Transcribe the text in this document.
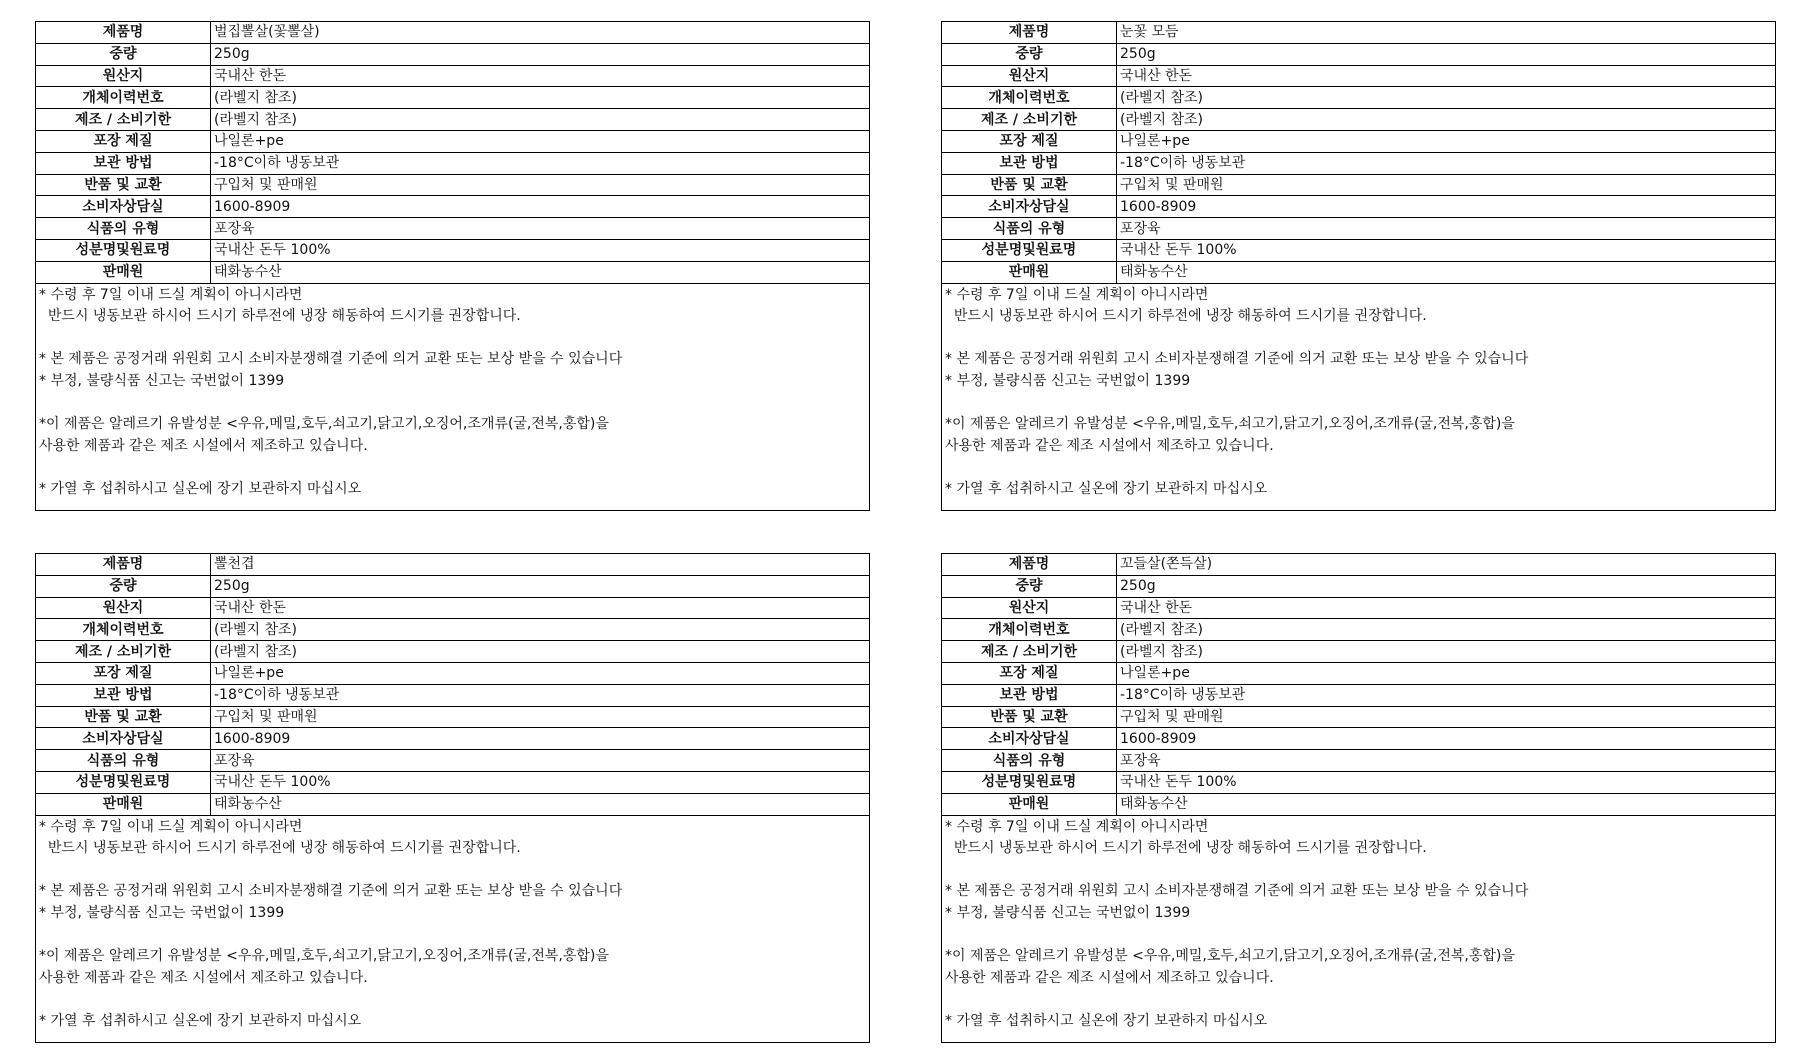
제품명	벌집뽈살(꽃뽈살)
중량	250g
원산지	국내산 한돈
개체이력번호	(라벨지 참조)
제조 / 소비기한	(라벨지 참조)
포장 제질	나일론+pe
보관 방법	-18°C이하 냉동보관
반품 및 교환	구입처 및 판매원
소비자상담실	1600-8909
식품의 유형	포장육
성분명및원료명	국내산 돈두 100%
판매원	태화농수산
* 수령 후 7일 이내 드실 계획이 아니시라면
반드시 냉동보관 하시어 드시기 하루전에 냉장 해동하여 드시기를 권장합니다.
* 본 제품은 공정거래 위원회 고시 소비자분쟁해결 기준에 의거 교환 또는 보상 받을 수 있습니다
* 부정, 불량식품 신고는 국번없이 1399
*이 제품은 알레르기 유발성분 <우유,메밀,호두,쇠고기,닭고기,오징어,조개류(굴,전복,홍합)을
사용한 제품과 같은 제조 시설에서 제조하고 있습니다.
* 가열 후 섭취하시고 실온에 장기 보관하지 마십시오
제품명	눈꽃 모듬
중량	250g
원산지	국내산 한돈
개체이력번호	(라벨지 참조)
제조 / 소비기한	(라벨지 참조)
포장 제질	나일론+pe
보관 방법	-18°C이하 냉동보관
반품 및 교환	구입처 및 판매원
소비자상담실	1600-8909
식품의 유형	포장육
성분명및원료명	국내산 돈두 100%
판매원	태화농수산
* 수령 후 7일 이내 드실 계획이 아니시라면
반드시 냉동보관 하시어 드시기 하루전에 냉장 해동하여 드시기를 권장합니다.
* 본 제품은 공정거래 위원회 고시 소비자분쟁해결 기준에 의거 교환 또는 보상 받을 수 있습니다
* 부정, 불량식품 신고는 국번없이 1399
*이 제품은 알레르기 유발성분 <우유,메밀,호두,쇠고기,닭고기,오징어,조개류(굴,전복,홍합)을
사용한 제품과 같은 제조 시설에서 제조하고 있습니다.
* 가열 후 섭취하시고 실온에 장기 보관하지 마십시오
제품명	뽈천겹
중량	250g
원산지	국내산 한돈
개체이력번호	(라벨지 참조)
제조 / 소비기한	(라벨지 참조)
포장 제질	나일론+pe
보관 방법	-18°C이하 냉동보관
반품 및 교환	구입처 및 판매원
소비자상담실	1600-8909
식품의 유형	포장육
성분명및원료명	국내산 돈두 100%
판매원	태화농수산
* 수령 후 7일 이내 드실 계획이 아니시라면
반드시 냉동보관 하시어 드시기 하루전에 냉장 해동하여 드시기를 권장합니다.
* 본 제품은 공정거래 위원회 고시 소비자분쟁해결 기준에 의거 교환 또는 보상 받을 수 있습니다
* 부정, 불량식품 신고는 국번없이 1399
*이 제품은 알레르기 유발성분 <우유,메밀,호두,쇠고기,닭고기,오징어,조개류(굴,전복,홍합)을
사용한 제품과 같은 제조 시설에서 제조하고 있습니다.
* 가열 후 섭취하시고 실온에 장기 보관하지 마십시오
제품명	꼬들살(쫀득살)
중량	250g
원산지	국내산 한돈
개체이력번호	(라벨지 참조)
제조 / 소비기한	(라벨지 참조)
포장 제질	나일론+pe
보관 방법	-18°C이하 냉동보관
반품 및 교환	구입처 및 판매원
소비자상담실	1600-8909
식품의 유형	포장육
성분명및원료명	국내산 돈두 100%
판매원	태화농수산
* 수령 후 7일 이내 드실 계획이 아니시라면
반드시 냉동보관 하시어 드시기 하루전에 냉장 해동하여 드시기를 권장합니다.
* 본 제품은 공정거래 위원회 고시 소비자분쟁해결 기준에 의거 교환 또는 보상 받을 수 있습니다
* 부정, 불량식품 신고는 국번없이 1399
*이 제품은 알레르기 유발성분 <우유,메밀,호두,쇠고기,닭고기,오징어,조개류(굴,전복,홍합)을
사용한 제품과 같은 제조 시설에서 제조하고 있습니다.
* 가열 후 섭취하시고 실온에 장기 보관하지 마십시오
